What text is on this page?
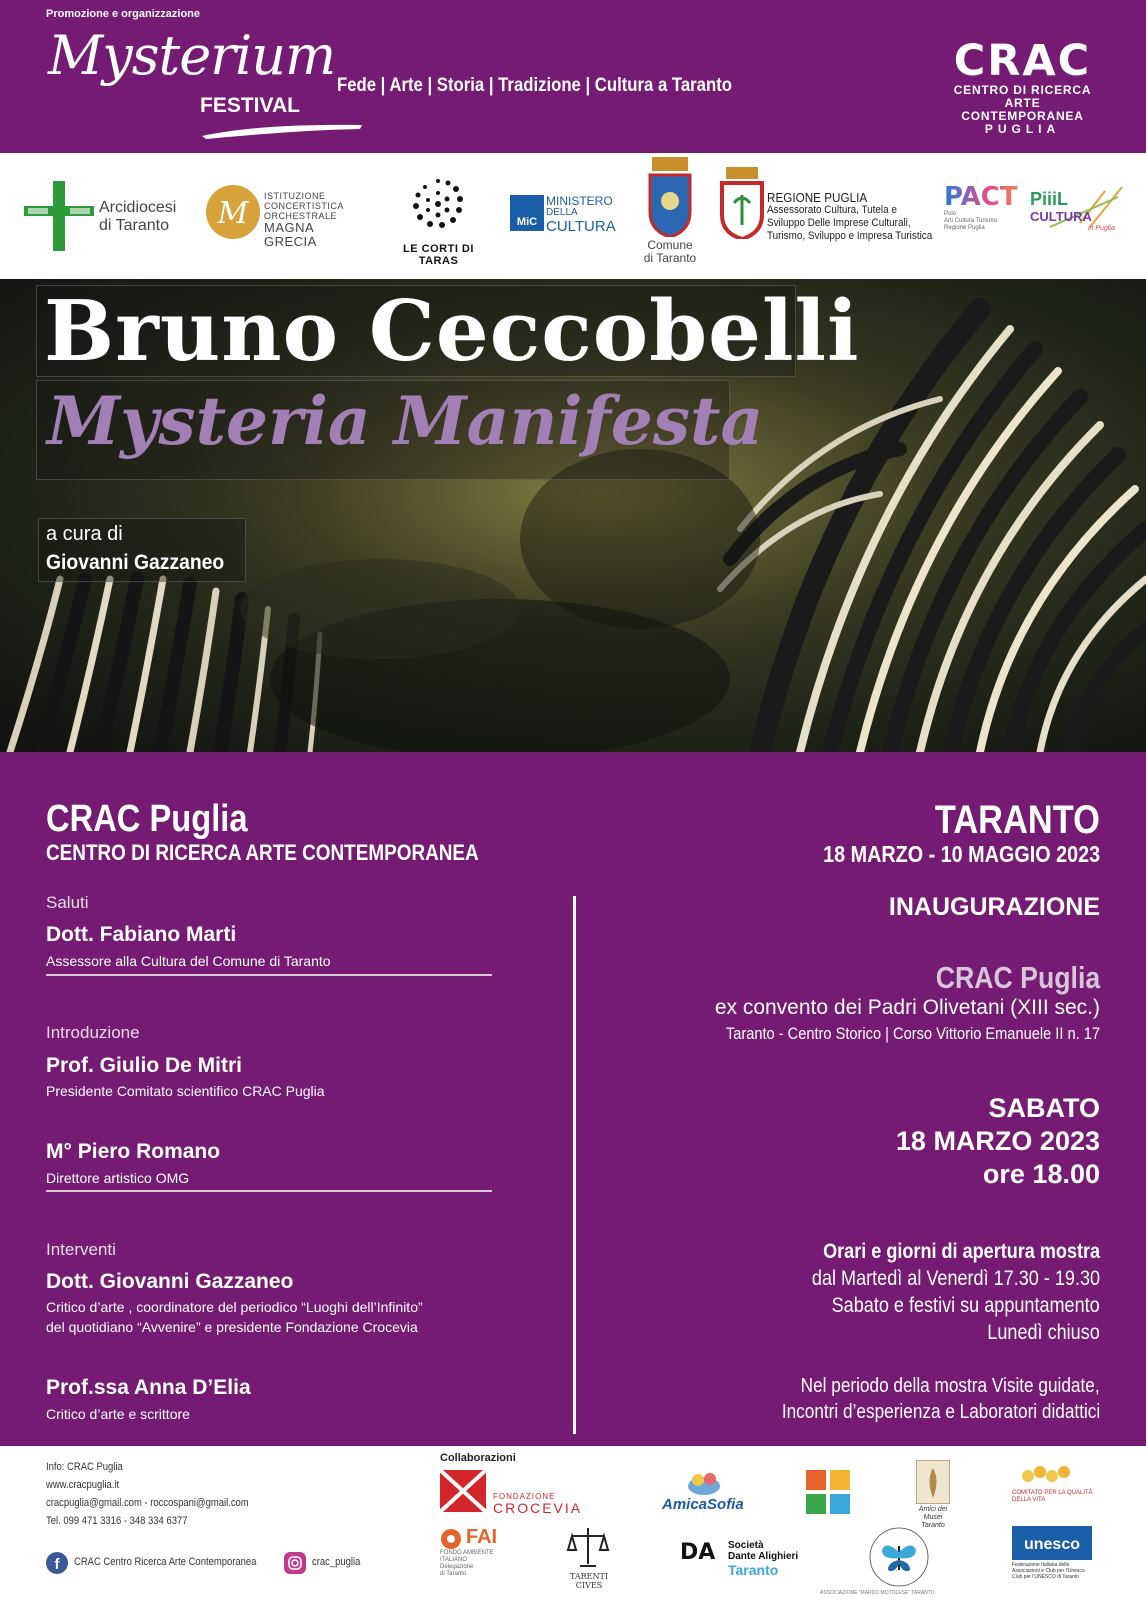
Promozione e organizzazione
Mysterium
FESTIVAL
Fede | Arte | Storia | Tradizione | Cultura a Taranto	CRAC
CENTRO DI RICERCA
ARTE CONTEMPORANEA
PUGLIA
Arcidiocesi
di Taranto M ISTITUZIONE
CONCERTISTICA
ORCHESTRALE
MAGNA GRECIA	LE CORTI DI TARAS
MiC
MINISTERO
DELLA
CULTURA
Comune
di Taranto
REGIONE PUGLIA
Assessorato Cultura, Tutela e
Sviluppo Delle Imprese Culturali,
Turismo, Sviluppo e Impresa Turistica
PACT
Polo
Arti Cultura Turismo
Regione Puglia
PiiiL
CULTURA
in Puglia
Bruno Ceccobelli
Mysteria Manifesta
a cura di
Giovanni Gazzaneo
CRAC Puglia
CENTRO DI RICERCA ARTE CONTEMPORANEA
Saluti
Dott. Fabiano Marti
Assessore alla Cultura del Comune di Taranto
Introduzione
Prof. Giulio De Mitri
Presidente Comitato scientifico CRAC Puglia
M° Piero Romano
Direttore artistico OMG
Interventi
Dott. Giovanni Gazzaneo
Critico d’arte , coordinatore del periodico “Luoghi dell’Infinito”
del quotidiano “Avvenire” e presidente Fondazione Crocevia
Prof.ssa Anna D’Elia
Critico d’arte e scrittore
TARANTO
18 MARZO - 10 MAGGIO 2023
INAUGURAZIONE
CRAC Puglia
ex convento dei Padri Olivetani (XIII sec.)
Taranto - Centro Storico | Corso Vittorio Emanuele II n. 17
SABATO
18 MARZO 2023
ore 18.00
Orari e giorni di apertura mostra
dal Martedì al Venerdì 17.30 - 19.30
Sabato e festivi su appuntamento
Lunedì chiuso
Nel periodo della mostra Visite guidate,
Incontri d’esperienza e Laboratori didattici
Info: CRAC Puglia
www.cracpuglia.it
cracpuglia@gmail.com - roccospani@gmail.com
Tel. 099 471 3316 - 348 334 6377
f CRAC Centro Ricerca Arte Contemporanea	crac_puglia
Collaborazioni
FONDAZIONE
CROCEVIA
FAI
FONDO AMBIENTE
ITALIANO
Delegazione
di Taranto	TARENTI
CIVES
AmicaSofia
DA Società
Dante Alighieri
Taranto
Amici dei
Musei
Taranto
ASSOCIAZIONE “MARCO MOTOLESE” TARANTO
COMITATO PER LA QUALITÀ DELLA VITA
unesco
Federazione Italiana delle
Associazioni e Club per l'Unesco
Club per l'UNESCO di Taranto
